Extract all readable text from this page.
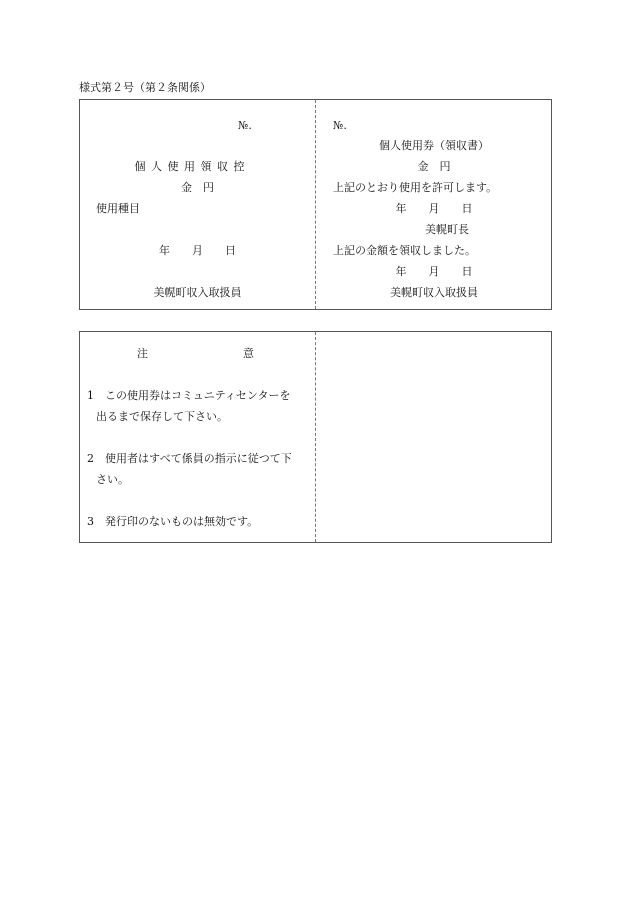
様式第２号（第２条関係）
№.
個 人 使 用 領 収 控
金　円
使用種目
年　　月　　日
美幌町収入取扱員
№.
個人使用券（領収書）
金　円
上記のとおり使用を許可します。
年　　月　　日
美幌町長
上記の金額を領収しました。
年　　月　　日
美幌町収入取扱員
注	意
1　この使用券はコミュニティセンターを
出るまで保存して下さい。
2　使用者はすべて係員の指示に従つて下
さい。
3　発行印のないものは無効です。
